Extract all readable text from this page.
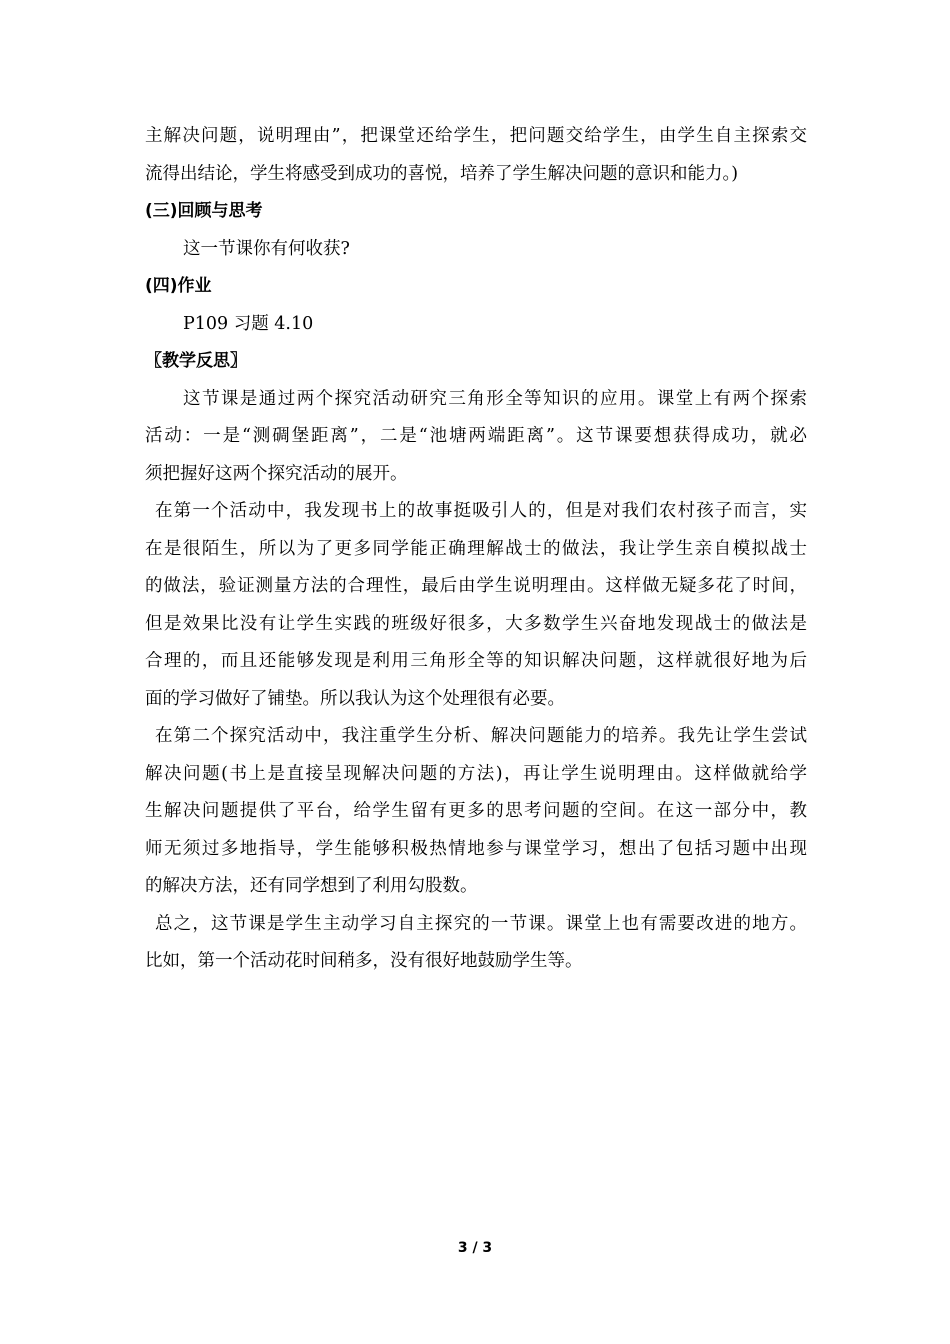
主解决问题，说明理由”，把课堂还给学生，把问题交给学生，由学生自主探索交
流得出结论，学生将感受到成功的喜悦，培养了学生解决问题的意识和能力。)
(三)回顾与思考
这一节课你有何收获?
(四)作业
P109 习题 4.10
〖教学反思〗
这节课是通过两个探究活动研究三角形全等知识的应用。课堂上有两个探索
活动：一是“测碉堡距离”，二是“池塘两端距离”。这节课要想获得成功，就必
须把握好这两个探究活动的展开。
在第一个活动中，我发现书上的故事挺吸引人的，但是对我们农村孩子而言，实
在是很陌生，所以为了更多同学能正确理解战士的做法，我让学生亲自模拟战士
的做法，验证测量方法的合理性，最后由学生说明理由。这样做无疑多花了时间，
但是效果比没有让学生实践的班级好很多，大多数学生兴奋地发现战士的做法是
合理的，而且还能够发现是利用三角形全等的知识解决问题，这样就很好地为后
面的学习做好了铺垫。所以我认为这个处理很有必要。
在第二个探究活动中，我注重学生分析、解决问题能力的培养。我先让学生尝试
解决问题(书上是直接呈现解决问题的方法)，再让学生说明理由。这样做就给学
生解决问题提供了平台，给学生留有更多的思考问题的空间。在这一部分中，教
师无须过多地指导，学生能够积极热情地参与课堂学习，想出了包括习题中出现
的解决方法，还有同学想到了利用勾股数。
总之，这节课是学生主动学习自主探究的一节课。课堂上也有需要改进的地方。
比如，第一个活动花时间稍多，没有很好地鼓励学生等。
3 / 3
